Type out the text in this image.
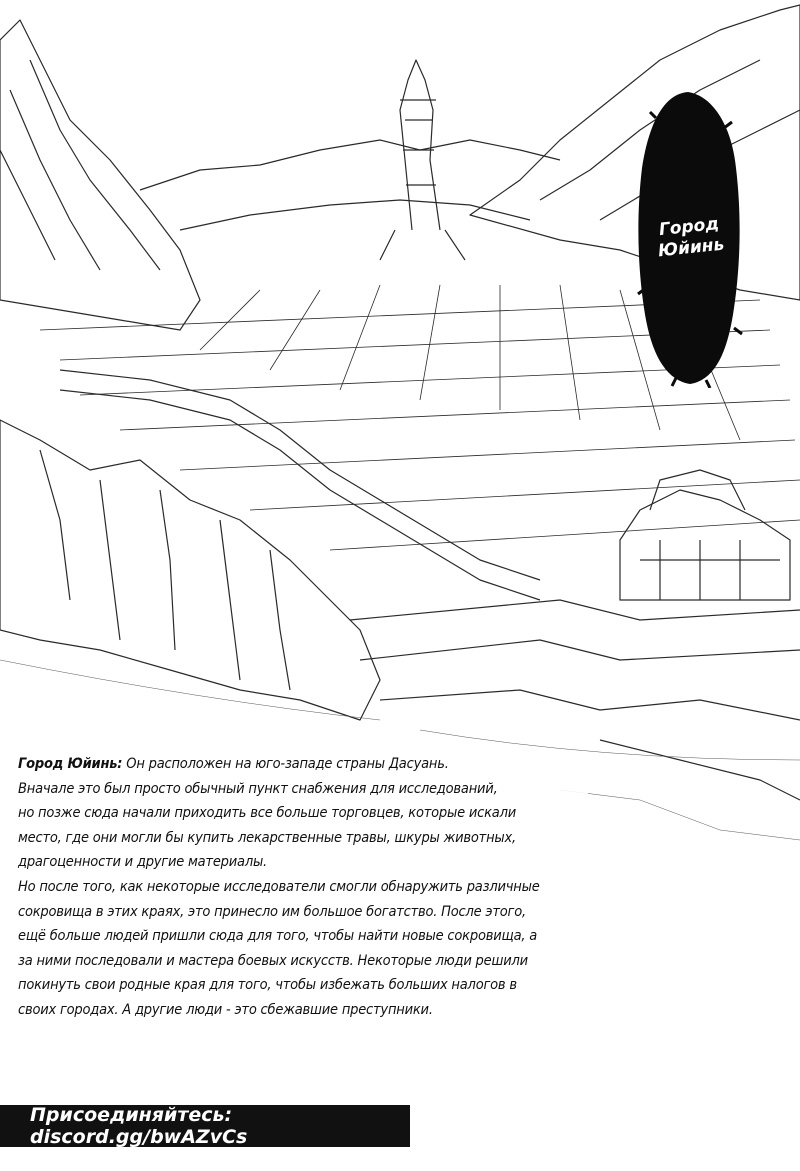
Город
Юйинь

Город Юйинь: Он расположен на юго-западе страны Дасуань.

Вначале это был просто обычный пункт снабжения для исследований,

но позже сюда начали приходить все больше торговцев, которые искали

место, где они могли бы купить лекарственные травы, шкуры животных,

драгоценности и другие материалы.

Но после того, как некоторые исследователи смогли обнаружить различные

сокровища в этих краях, это принесло им большое богатство. После этого,

ещё больше людей пришли сюда для того, чтобы найти новые сокровища, а

за ними последовали и мастера боевых искусств. Некоторые люди решили

покинуть свои родные края для того, чтобы избежать больших налогов в

своих городах. А другие люди - это сбежавшие преступники.

Присоединяйтесь: discord.gg/bwAZvCs
